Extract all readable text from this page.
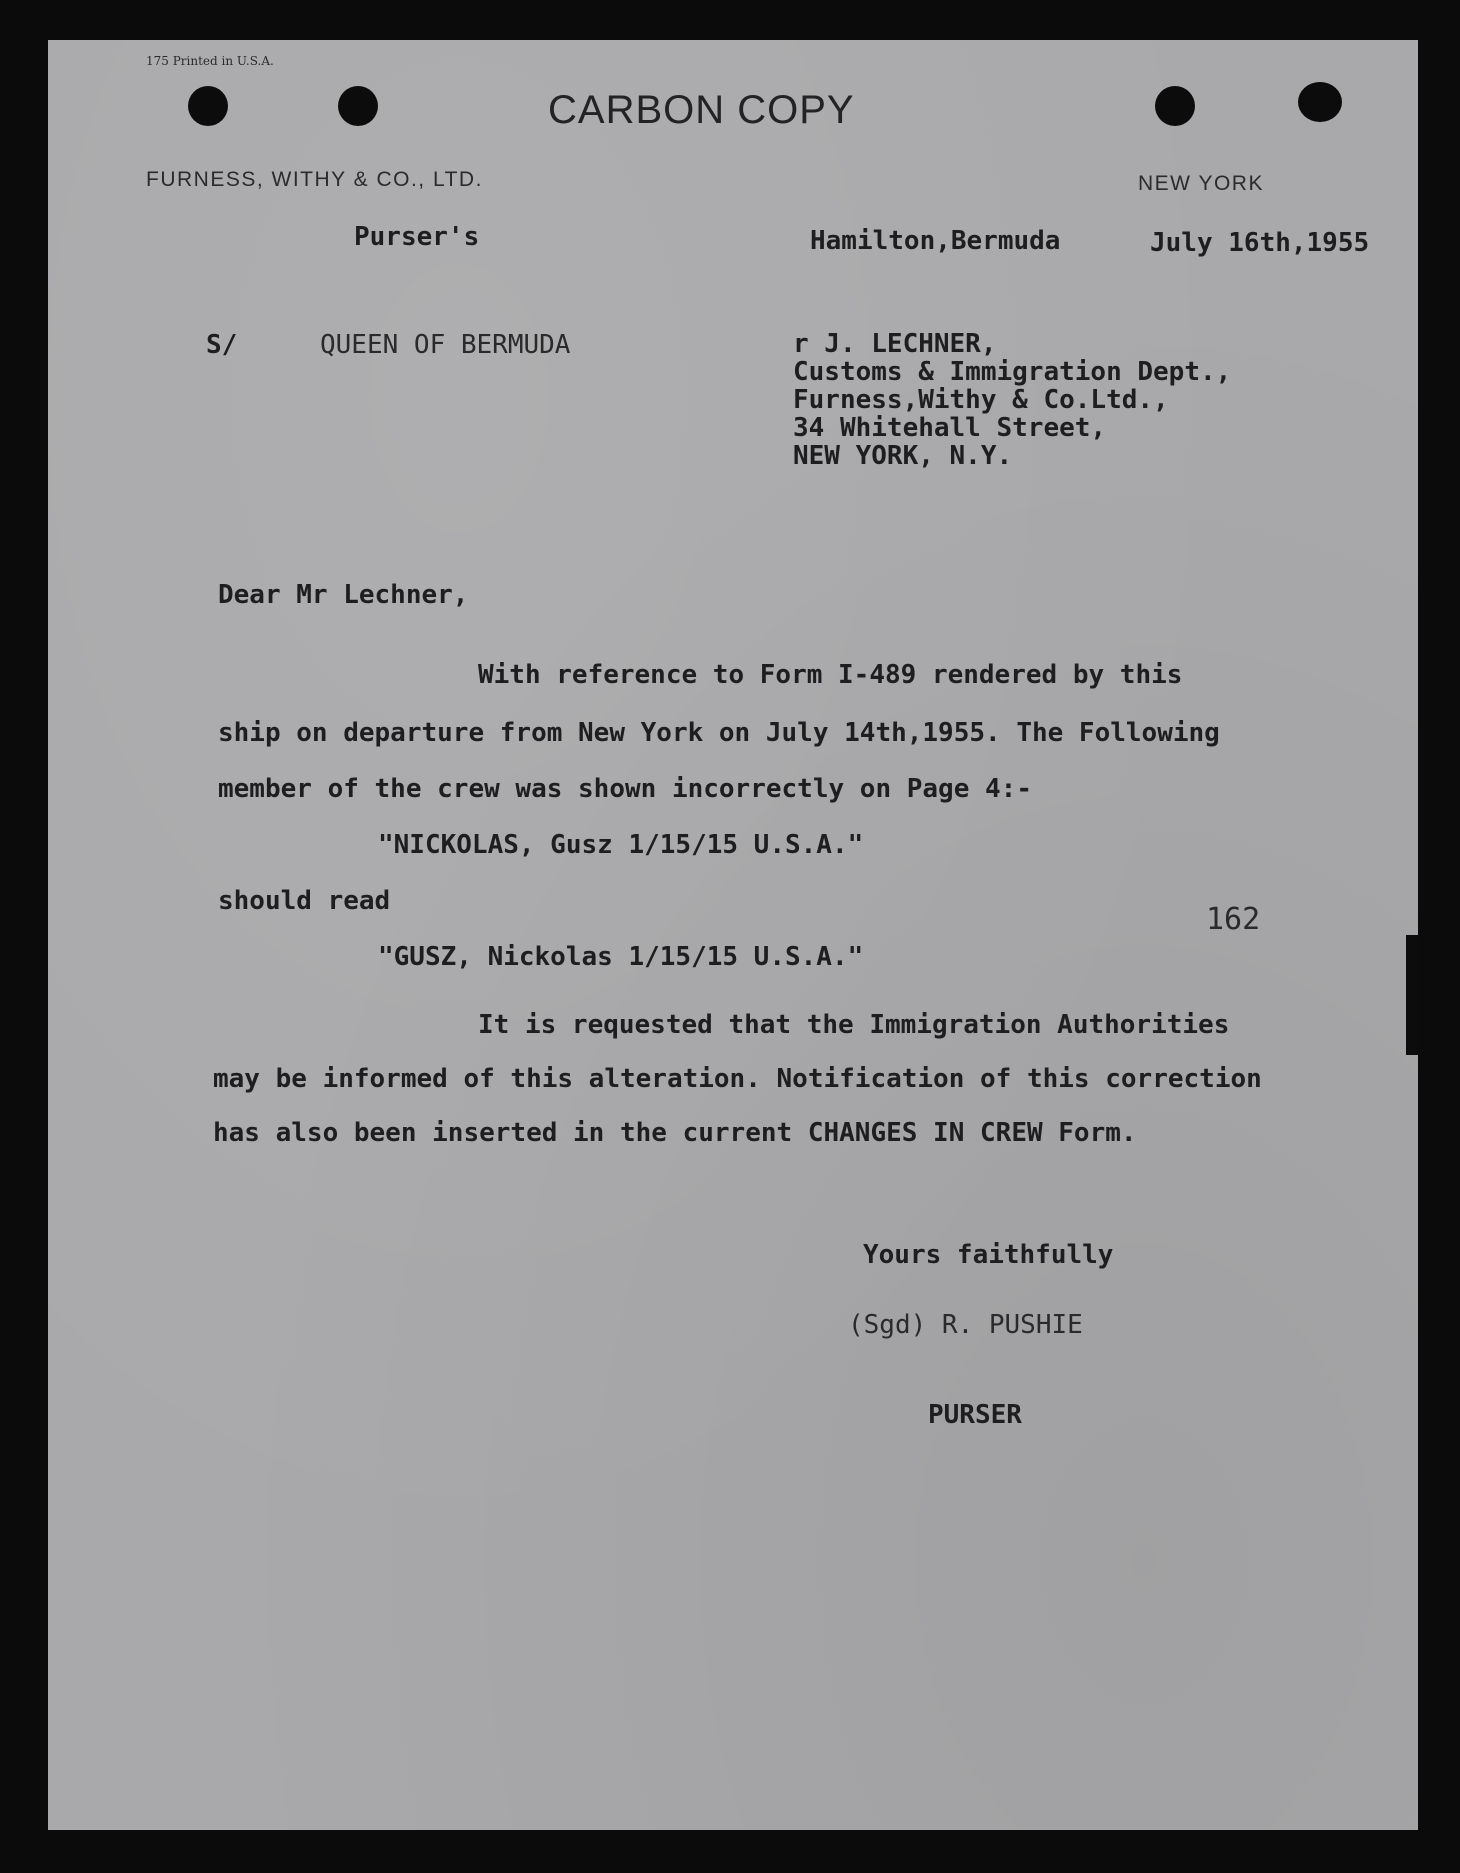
175 Printed in U.S.A.
CARBON COPY
FURNESS, WITHY & CO., LTD.	NEW YORK
Purser's	Hamilton,Bermuda	July 16th,1955
S/	QUEEN OF BERMUDA	r J. LECHNER,
Customs & Immigration Dept.,
Furness,Withy & Co.Ltd.,
34 Whitehall Street,
NEW YORK, N.Y.
Dear Mr Lechner,
With reference to Form I-489 rendered by this
ship on departure from New York on July 14th,1955. The Following
member of the crew was shown incorrectly on Page 4:-
"NICKOLAS, Gusz 1/15/15 U.S.A."
should read
"GUSZ, Nickolas 1/15/15 U.S.A."
162
It is requested that the Immigration Authorities
may be informed of this alteration. Notification of this correction
has also been inserted in the current CHANGES IN CREW Form.
Yours faithfully
(Sgd) R. PUSHIE
PURSER
